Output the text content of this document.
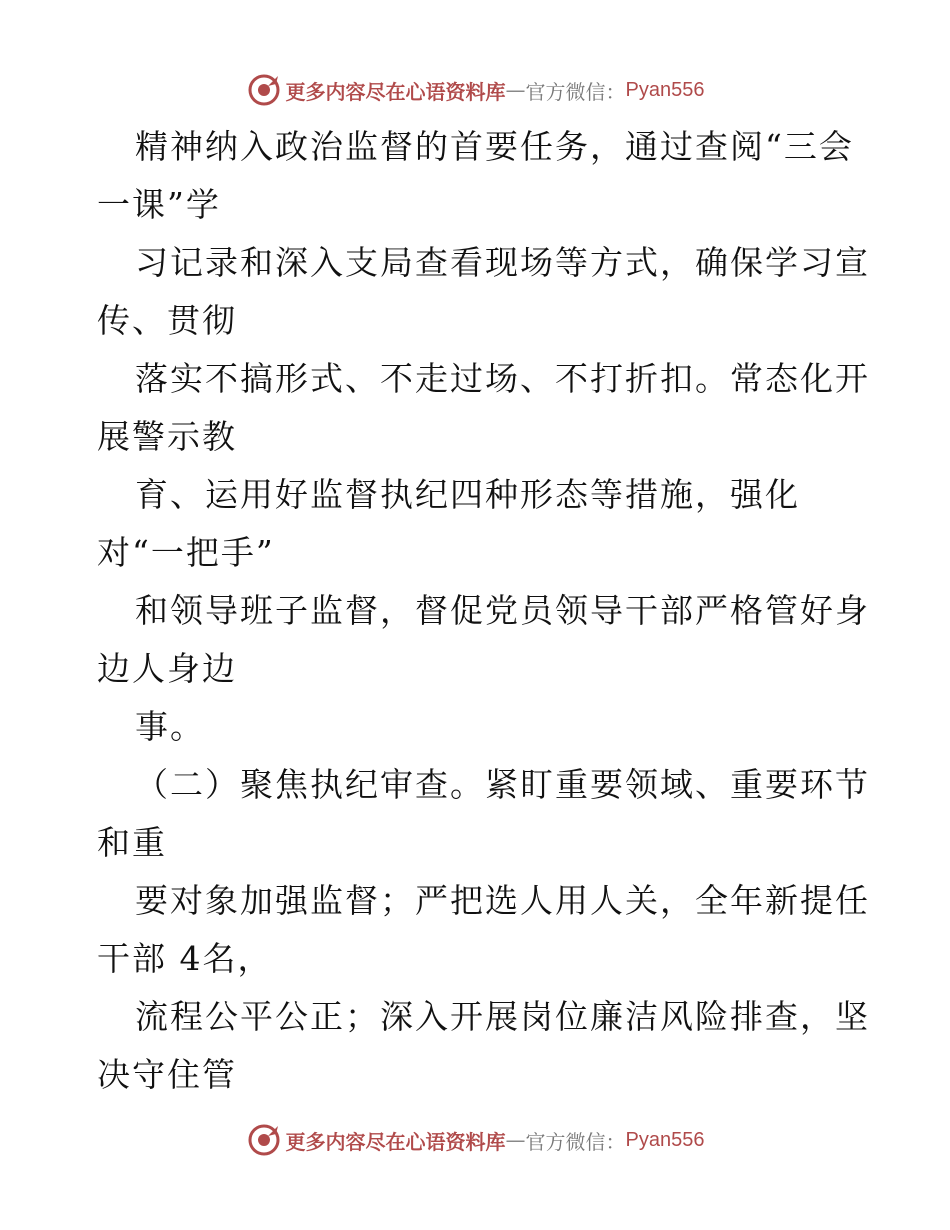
更多内容尽在心语资料库 — 官方微信： Pyan556
精神纳入政治监督的首要任务，通过查阅“三会
一课”学
习记录和深入支局查看现场等方式，确保学习宣
传、贯彻
落实不搞形式、不走过场、不打折扣。常态化开
展警示教
育、运用好监督执纪四种形态等措施，强化
对“一把手”
和领导班子监督，督促党员领导干部严格管好身
边人身边
事。
（二）聚焦执纪审查。紧盯重要领域、重要环节
和重
要对象加强监督；严把选人用人关，全年新提任
干部 4名，
流程公平公正；深入开展岗位廉洁风险排查，坚
决守住管
更多内容尽在心语资料库 — 官方微信： Pyan556
